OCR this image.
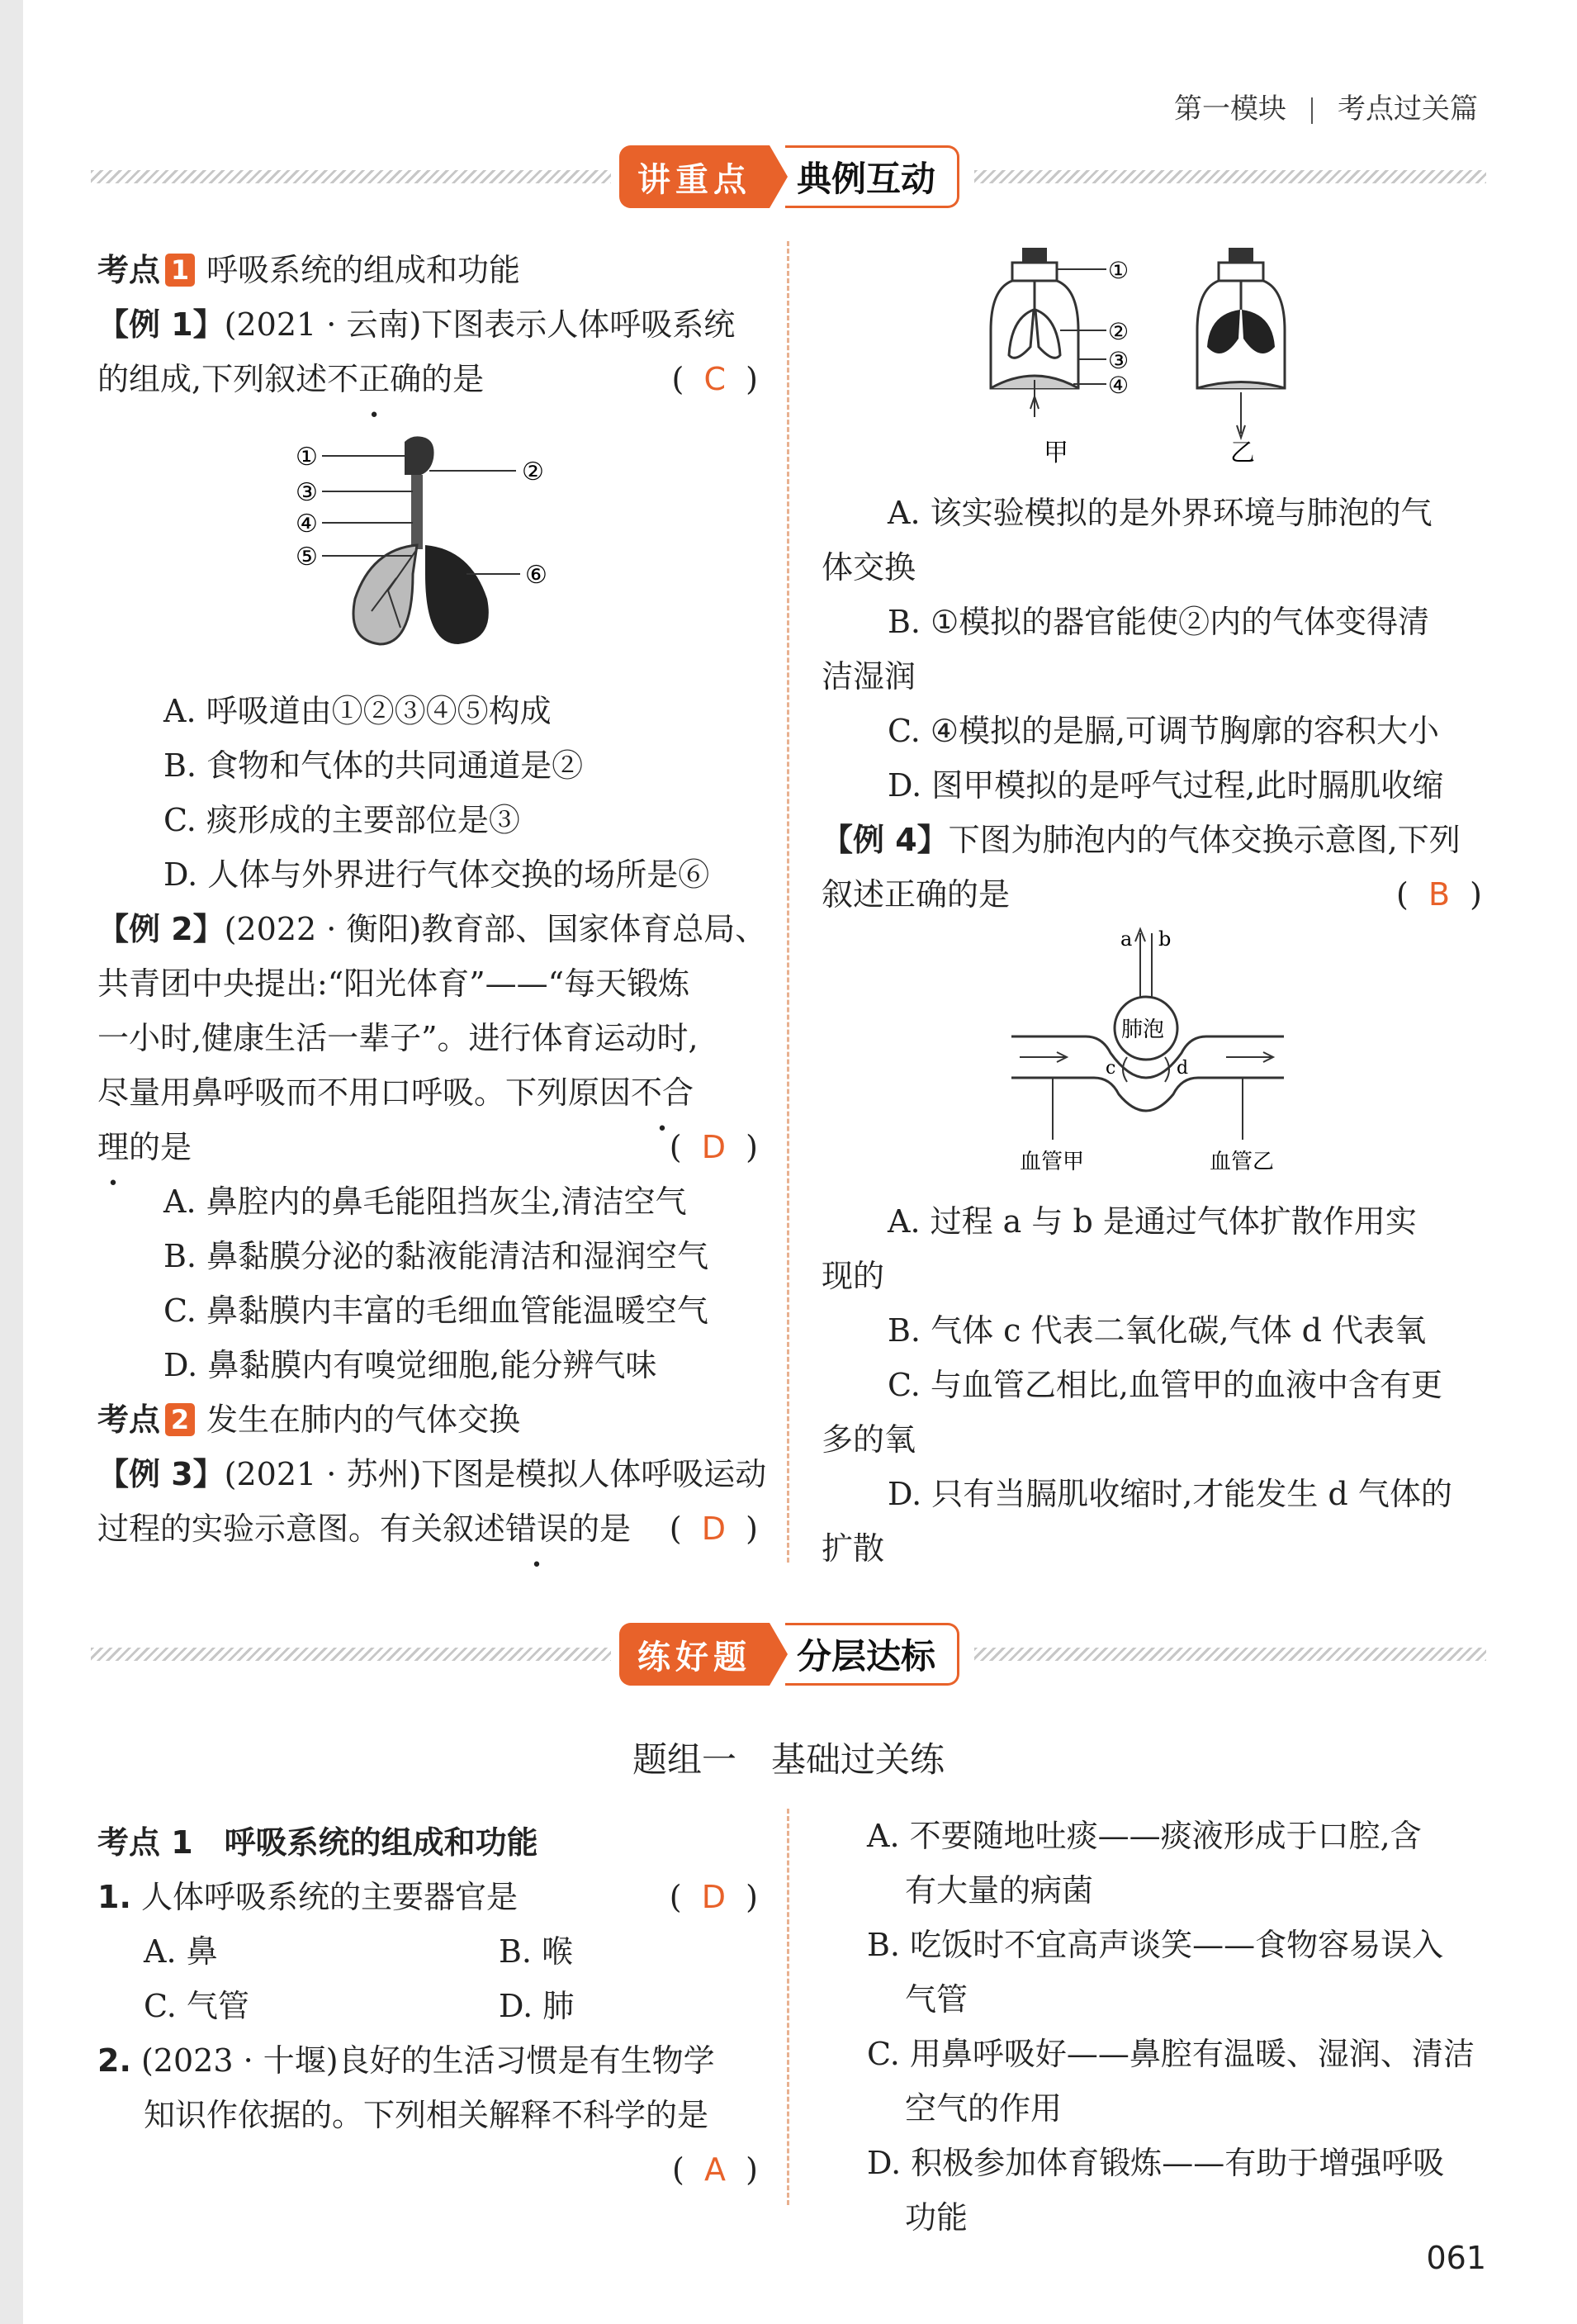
第一模块 考点过关篇
讲重点	典例互动
考点 1 呼吸系统的组成和功能
【例 1】(2021 · 云南)下图表示人体呼吸系统
的组成,下列叙述不正确的是	(  C  )
A. 呼吸道由①②③④⑤构成
B. 食物和气体的共同通道是②
C. 痰形成的主要部位是③
D. 人体与外界进行气体交换的场所是⑥
【例 2】(2022 · 衡阳)教育部、国家体育总局、
共青团中央提出:“阳光体育”——“每天锻炼
一小时,健康生活一辈子”。进行体育运动时,
尽量用鼻呼吸而不用口呼吸。下列原因不合
理的是	(  D  )
A. 鼻腔内的鼻毛能阻挡灰尘,清洁空气
B. 鼻黏膜分泌的黏液能清洁和湿润空气
C. 鼻黏膜内丰富的毛细血管能温暖空气
D. 鼻黏膜内有嗅觉细胞,能分辨气味
考点 2 发生在肺内的气体交换
【例 3】(2021 · 苏州)下图是模拟人体呼吸运动
过程的实验示意图。有关叙述错误的是 (  D  )
①
②
③
④
⑤
⑥
①
②
③
④
甲	乙
A. 该实验模拟的是外界环境与肺泡的气
体交换
B. ①模拟的器官能使②内的气体变得清
洁湿润
C. ④模拟的是膈,可调节胸廓的容积大小
D. 图甲模拟的是呼气过程,此时膈肌收缩
【例 4】下图为肺泡内的气体交换示意图,下列
叙述正确的是	(  B  )
A. 过程 a 与 b 是通过气体扩散作用实
现的
B. 气体 c 代表二氧化碳,气体 d 代表氧
C. 与血管乙相比,血管甲的血液中含有更
多的氧
D. 只有当膈肌收缩时,才能发生 d 气体的
扩散
a b
肺泡
c	d
血管甲	血管乙
练好题	分层达标
题组一　基础过关练
考点 1　呼吸系统的组成和功能
1. 人体呼吸系统的主要器官是	(  D  )
A. 鼻	B. 喉
C. 气管	D. 肺
2. (2023 · 十堰)良好的生活习惯是有生物学
知识作依据的。下列相关解释不科学的是
(  A  )
A. 不要随地吐痰——痰液形成于口腔,含
有大量的病菌
B. 吃饭时不宜高声谈笑——食物容易误入
气管
C. 用鼻呼吸好——鼻腔有温暖、湿润、清洁
空气的作用
D. 积极参加体育锻炼——有助于增强呼吸
功能
061
